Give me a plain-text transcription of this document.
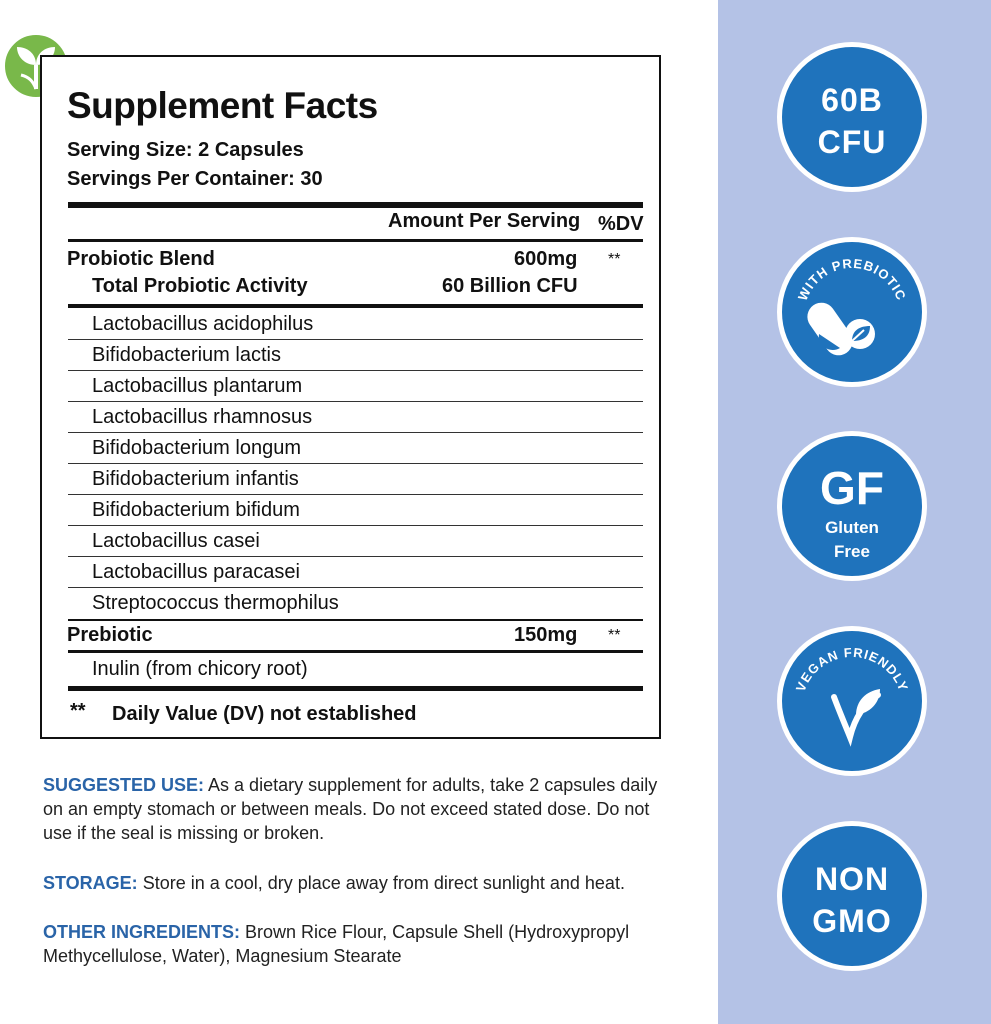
Supplement Facts
Serving Size: 2 Capsules
Servings Per Container: 30
Amount Per Serving %DV
Probiotic Blend	600mg **
Total Probiotic Activity	60 Billion CFU
Lactobacillus acidophilus
Bifidobacterium lactis
Lactobacillus plantarum
Lactobacillus rhamnosus
Bifidobacterium longum
Bifidobacterium infantis
Bifidobacterium bifidum
Lactobacillus casei
Lactobacillus paracasei
Streptococcus thermophilus
Prebiotic	150mg **
Inulin (from chicory root)
** Daily Value (DV) not established
SUGGESTED USE: As a dietary supplement for adults, take 2 capsules daily on an empty stomach or between meals. Do not exceed stated dose. Do not use if the seal is missing or broken.
STORAGE: Store in a cool, dry place away from direct sunlight and heat.
OTHER INGREDIENTS: Brown Rice Flour, Capsule Shell (Hydroxypropyl Methycellulose, Water), Magnesium Stearate
60B
CFU
WITH PREBIOTIC
GF
Gluten
Free
VEGAN FRIENDLY
NON
GMO
